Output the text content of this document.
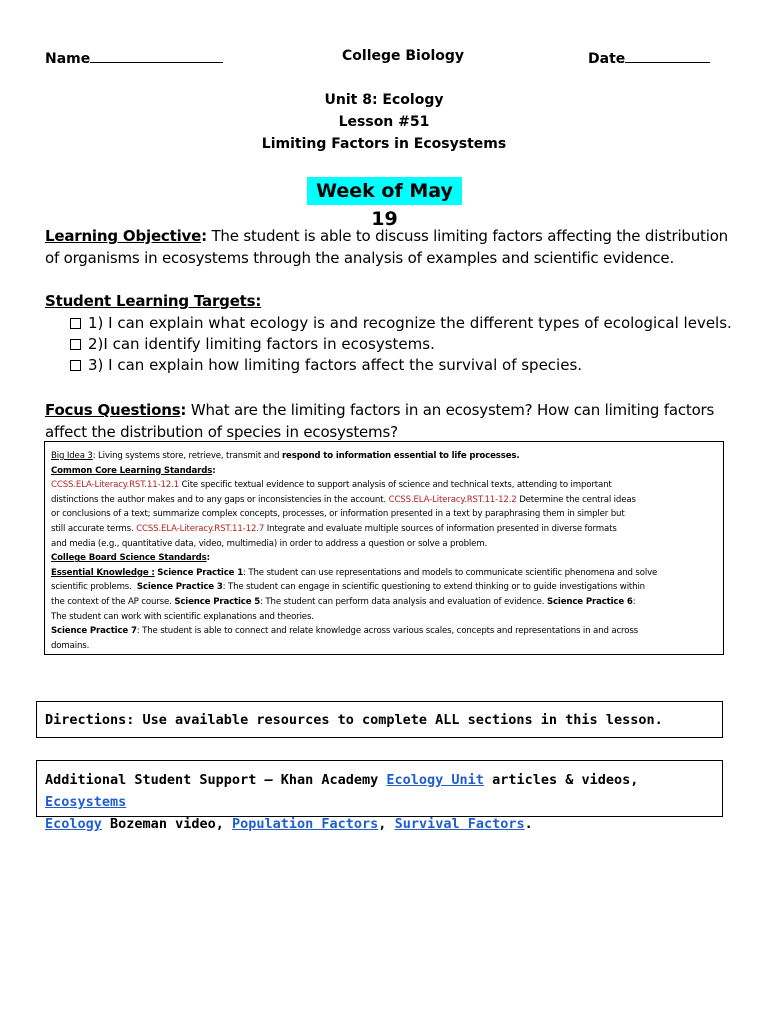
Name	College Biology	Date
Unit 8: Ecology
Lesson #51
Limiting Factors in Ecosystems
Week of May 19
Learning Objective: The student is able to discuss limiting factors affecting the distribution
of organisms in ecosystems through the analysis of examples and scientific evidence.
Student Learning Targets:
1) I can explain what ecology is and recognize the different types of ecological levels.
2)I can identify limiting factors in ecosystems.
3) I can explain how limiting factors affect the survival of species.
Focus Questions: What are the limiting factors in an ecosystem? How can limiting factors
affect the distribution of species in ecosystems?
Big Idea 3: Living systems store, retrieve, transmit and respond to information essential to life processes.
Common Core Learning Standards:
CCSS.ELA-Literacy.RST.11-12.1 Cite specific textual evidence to support analysis of science and technical texts, attending to important
distinctions the author makes and to any gaps or inconsistencies in the account. CCSS.ELA-Literacy.RST.11-12.2 Determine the central ideas
or conclusions of a text; summarize complex concepts, processes, or information presented in a text by paraphrasing them in simpler but
still accurate terms. CCSS.ELA-Literacy.RST.11-12.7 Integrate and evaluate multiple sources of information presented in diverse formats
and media (e.g., quantitative data, video, multimedia) in order to address a question or solve a problem.
College Board Science Standards:
Essential Knowledge : Science Practice 1: The student can use representations and models to communicate scientific phenomena and solve
scientific problems. Science Practice 3: The student can engage in scientific questioning to extend thinking or to guide investigations within
the context of the AP course. Science Practice 5: The student can perform data analysis and evaluation of evidence. Science Practice 6:
The student can work with scientific explanations and theories.
Science Practice 7: The student is able to connect and relate knowledge across various scales, concepts and representations in and across
domains.
Directions: Use available resources to complete ALL sections in this lesson.
Additional Student Support – Khan Academy Ecology Unit articles & videos, Ecosystems
Ecology Bozeman video, Population Factors, Survival Factors.
